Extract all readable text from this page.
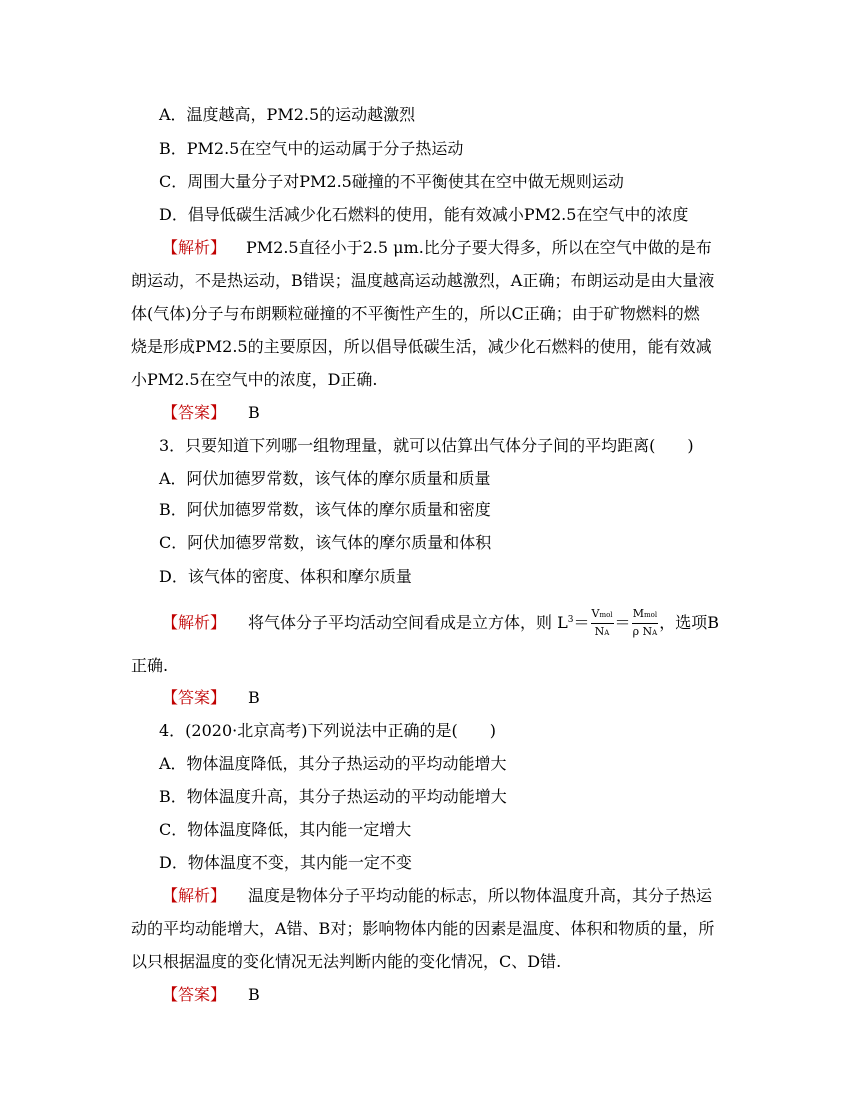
A．温度越高，PM2.5的运动越激烈
B．PM2.5在空气中的运动属于分子热运动
C．周围大量分子对PM2.5碰撞的不平衡使其在空中做无规则运动
D．倡导低碳生活减少化石燃料的使用，能有效减小PM2.5在空气中的浓度
【解析】 PM2.5直径小于2.5 μm.比分子要大得多，所以在空气中做的是布
朗运动，不是热运动，B错误；温度越高运动越激烈，A正确；布朗运动是由大量液
体(气体)分子与布朗颗粒碰撞的不平衡性产生的，所以C正确；由于矿物燃料的燃
烧是形成PM2.5的主要原因，所以倡导低碳生活，减少化石燃料的使用，能有效减
小PM2.5在空气中的浓度，D正确.
【答案】 B
3．只要知道下列哪一组物理量，就可以估算出气体分子间的平均距离(　　)
A．阿伏加德罗常数，该气体的摩尔质量和质量
B．阿伏加德罗常数，该气体的摩尔质量和密度
C．阿伏加德罗常数，该气体的摩尔质量和体积
D．该气体的密度、体积和摩尔质量
【解析】 将气体分子平均活动空间看成是立方体，则 $L^3= \frac{\text{Vmol}}{NA} = \frac{\text{Mmol}}{\text{ρ NA}}$ ，选项B
正确.
【答案】 B
4．(2020·北京高考)下列说法中正确的是(　　)
A．物体温度降低，其分子热运动的平均动能增大
B．物体温度升高，其分子热运动的平均动能增大
C．物体温度降低，其内能一定增大
D．物体温度不变，其内能一定不变
【解析】 温度是物体分子平均动能的标志，所以物体温度升高，其分子热运
动的平均动能增大，A错、B对；影响物体内能的因素是温度、体积和物质的量，所
以只根据温度的变化情况无法判断内能的变化情况，C、D错.
【答案】 B
